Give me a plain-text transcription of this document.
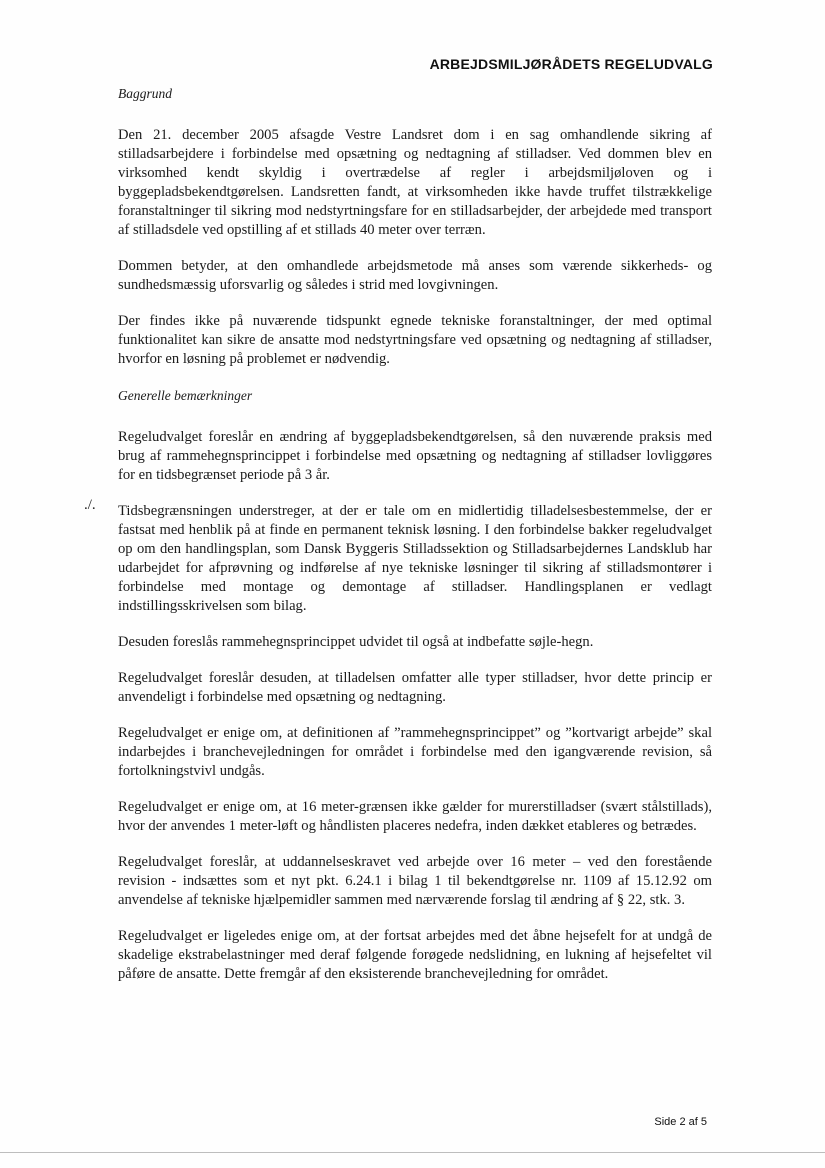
ARBEJDSMILJØRÅDETS REGELUDVALG
Baggrund

Den 21. december 2005 afsagde Vestre Landsret dom i en sag omhandlende sikring af stilladsarbejdere i forbindelse med opsætning og nedtagning af stilladser. Ved dommen blev en virksomhed kendt skyldig i overtrædelse af regler i arbejdsmiljøloven og i byggepladsbekendtgørelsen. Landsretten fandt, at virksomheden ikke havde truffet tilstrækkelige foranstaltninger til sikring mod nedstyrtningsfare for en stilladsarbejder, der arbejdede med transport af stilladsdele ved opstilling af et stillads 40 meter over terræn.

Dommen betyder, at den omhandlede arbejdsmetode må anses som værende sikkerheds- og sundhedsmæssig uforsvarlig og således i strid med lovgivningen.

Der findes ikke på nuværende tidspunkt egnede tekniske foranstaltninger, der med optimal funktionalitet kan sikre de ansatte mod nedstyrtningsfare ved opsætning og nedtagning af stilladser, hvorfor en løsning på problemet er nødvendig.

Generelle bemærkninger

Regeludvalget foreslår en ændring af byggepladsbekendtgørelsen, så den nuværende praksis med brug af rammehegnsprincippet i forbindelse med opsætning og nedtagning af stilladser lovliggøres for en tidsbegrænset periode på 3 år.

Tidsbegrænsningen understreger, at der er tale om en midlertidig tilladelsesbestemmelse, der er fastsat med henblik på at finde en permanent teknisk løsning. I den forbindelse bakker regeludvalget op om den handlingsplan, som Dansk Byggeris Stilladssektion og Stilladsarbejdernes Landsklub har udarbejdet for afprøvning og indførelse af nye tekniske løsninger til sikring af stilladsmontører i forbindelse med montage og demontage af stilladser. Handlingsplanen er vedlagt indstillingsskrivelsen som bilag.

Desuden foreslås rammehegnsprincippet udvidet til også at indbefatte søjle-hegn.

Regeludvalget foreslår desuden, at tilladelsen omfatter alle typer stilladser, hvor dette princip er anvendeligt i forbindelse med opsætning og nedtagning.

Regeludvalget er enige om, at definitionen af ”rammehegnsprincippet” og ”kortvarigt arbejde” skal indarbejdes i branchevejledningen for området i forbindelse med den igangværende revision, så fortolkningstvivl undgås.

Regeludvalget er enige om, at 16 meter-grænsen ikke gælder for murerstilladser (svært stålstillads), hvor der anvendes 1 meter-løft og håndlisten placeres nedefra, inden dækket etableres og betrædes.

Regeludvalget foreslår, at uddannelseskravet ved arbejde over 16 meter – ved den forestående revision - indsættes som et nyt pkt. 6.24.1 i bilag 1 til bekendtgørelse nr. 1109 af 15.12.92 om anvendelse af tekniske hjælpemidler sammen med nærværende forslag til ændring af § 22, stk. 3.

Regeludvalget er ligeledes enige om, at der fortsat arbejdes med det åbne hejsefelt for at undgå de skadelige ekstrabelastninger med deraf følgende forøgede nedslidning, en lukning af hejsefeltet vil påføre de ansatte. Dette fremgår af den eksisterende branchevejledning for området.

./.
Side 2 af 5
